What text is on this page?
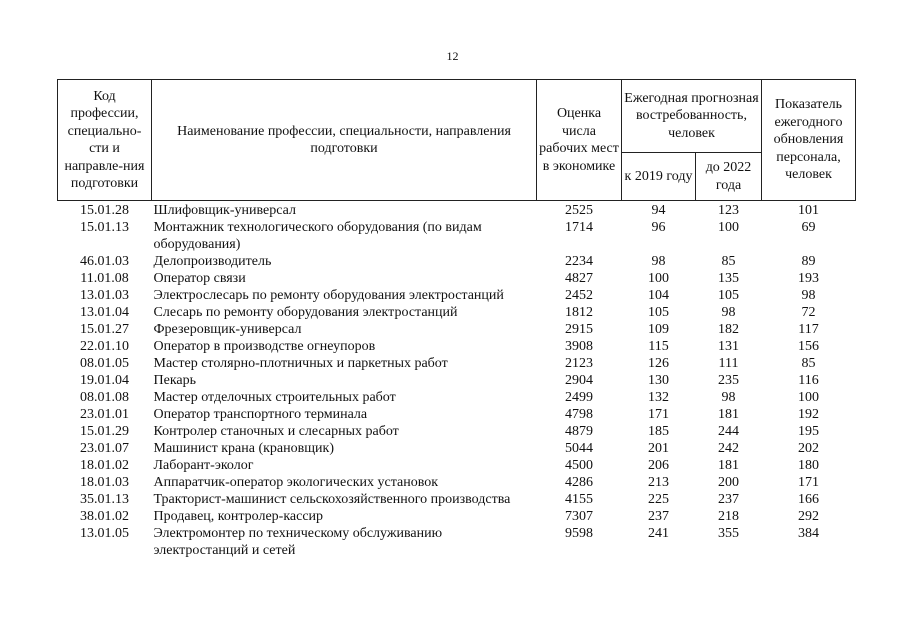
12
Код профессии, специально-сти и направле-ния подготовки	Наименование профессии, специальности, направления подготовки	Оценка числа рабочих мест в экономике	Ежегодная прогнозная востребованность, человек		Показатель ежегодного обновления персонала, человек
			к 2019 году	до 2022 года	
15.01.28	Шлифовщик-универсал	2525	94	123	101
15.01.13	Монтажник технологического оборудования (по видам оборудования)	1714	96	100	69
46.01.03	Делопроизводитель	2234	98	85	89
11.01.08	Оператор связи	4827	100	135	193
13.01.03	Электрослесарь по ремонту оборудования электростанций	2452	104	105	98
13.01.04	Слесарь по ремонту оборудования электростанций	1812	105	98	72
15.01.27	Фрезеровщик-универсал	2915	109	182	117
22.01.10	Оператор в производстве огнеупоров	3908	115	131	156
08.01.05	Мастер столярно-плотничных и паркетных работ	2123	126	111	85
19.01.04	Пекарь	2904	130	235	116
08.01.08	Мастер отделочных строительных работ	2499	132	98	100
23.01.01	Оператор транспортного терминала	4798	171	181	192
15.01.29	Контролер станочных и слесарных работ	4879	185	244	195
23.01.07	Машинист крана (крановщик)	5044	201	242	202
18.01.02	Лаборант-эколог	4500	206	181	180
18.01.03	Аппаратчик-оператор экологических установок	4286	213	200	171
35.01.13	Тракторист-машинист сельскохозяйственного производства	4155	225	237	166
38.01.02	Продавец, контролер-кассир	7307	237	218	292
13.01.05	Электромонтер по техническому обслуживанию электростанций и сетей	9598	241	355	384
